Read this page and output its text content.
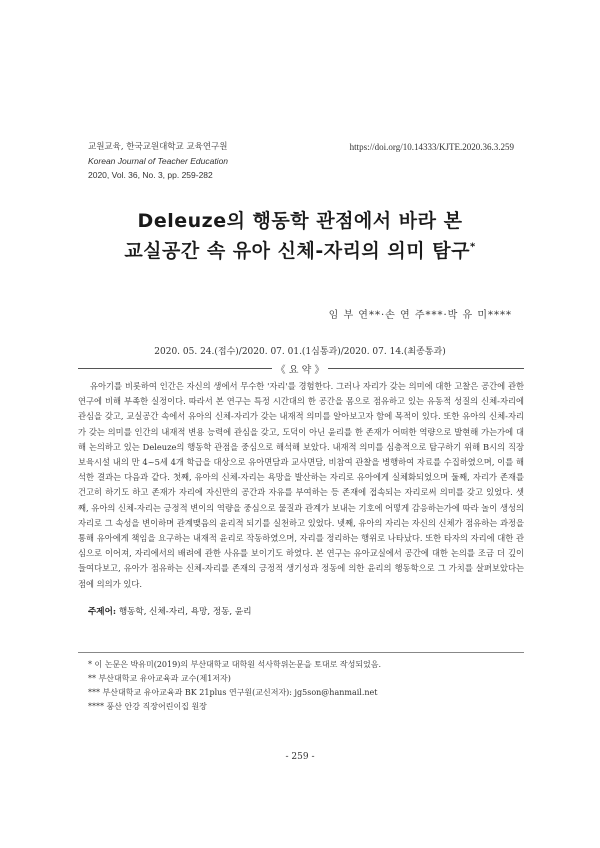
교원교육, 한국교원대학교 교육연구원
Korean Journal of Teacher Education
2020, Vol. 36, No. 3, pp. 259-282
https://doi.org/10.14333/KJTE.2020.36.3.259
Deleuze의 행동학 관점에서 바라 본
교실공간 속 유아 신체-자리의 의미 탐구*
임 부 연**·손 연 주***·박 유 미****
2020. 05. 24.(접수)/2020. 07. 01.(1심통과)/2020. 07. 14.(최종통과)
《 요 약 》

유아기를 비롯하여 인간은 자신의 생에서 무수한 '자리'를 경험한다. 그러나 자리가 갖는 의미에 대한 고찰은 공간에 관한 연구에 비해 부족한 실정이다. 따라서 본 연구는 특정 시간대의 한 공간을 몸으로 점유하고 있는 유동적 성질의 신체-자리에 관심을 갖고, 교실공간 속에서 유아의 신체-자리가 갖는 내재적 의미를 알아보고자 함에 목적이 있다. 또한 유아의 신체-자리가 갖는 의미를 인간의 내재적 변용 능력에 관심을 갖고, 도덕이 아닌 윤리를 한 존재가 어떠한 역량으로 발현해 가는가에 대해 논의하고 있는 Deleuze의 행동학 관점을 중심으로 해석해 보았다. 내재적 의미를 심층적으로 탐구하기 위해 B시의 직장보육시설 내의 만 4~5세 4개 학급을 대상으로 유아면담과 교사면담, 비참여 관찰을 병행하여 자료를 수집하였으며, 이를 해석한 결과는 다음과 같다. 첫째, 유아의 신체-자리는 욕망을 발산하는 자리로 유아에게 실체화되었으며 둘째, 자리가 존재를 건고히 하기도 하고 존재가 자리에 자신만의 공간과 자유를 부여하는 등 존재에 접속되는 자리로써 의미를 갖고 있었다. 셋째, 유아의 신체-자리는 긍정적 변이의 역량을 중심으로 물질과 관계가 보내는 기호에 어떻게 감응하는가에 따라 놀이 생성의 자리로 그 속성을 변이하며 관계맺음의 윤리적 되기를 실천하고 있었다. 넷째, 유아의 자리는 자신의 신체가 점유하는 과정을 통해 유아에게 책임을 요구하는 내재적 윤리로 작동하였으며, 자리를 정리하는 행위로 나타났다. 또한 타자의 자리에 대한 관심으로 이어져, 자리에서의 배려에 관한 사유를 보이기도 하였다. 본 연구는 유아교실에서 공간에 대한 논의를 조금 더 깊이 들여다보고, 유아가 점유하는 신체-자리를 존재의 긍정적 생기성과 정동에 의한 윤리의 행동학으로 그 가치를 살펴보았다는 점에 의의가 있다.

주제어: 행동학, 신체-자리, 욕망, 정동, 윤리

* 이 논문은 박유미(2019)의 부산대학교 대학원 석사학위논문을 토대로 작성되었음.

** 부산대학교 유아교육과 교수(제1저자)

*** 부산대학교 유아교육과 BK 21plus 연구원(교신저자): jg5son@hanmail.net

**** 풍산 안강 직장어린이집 원장

- 259 -
